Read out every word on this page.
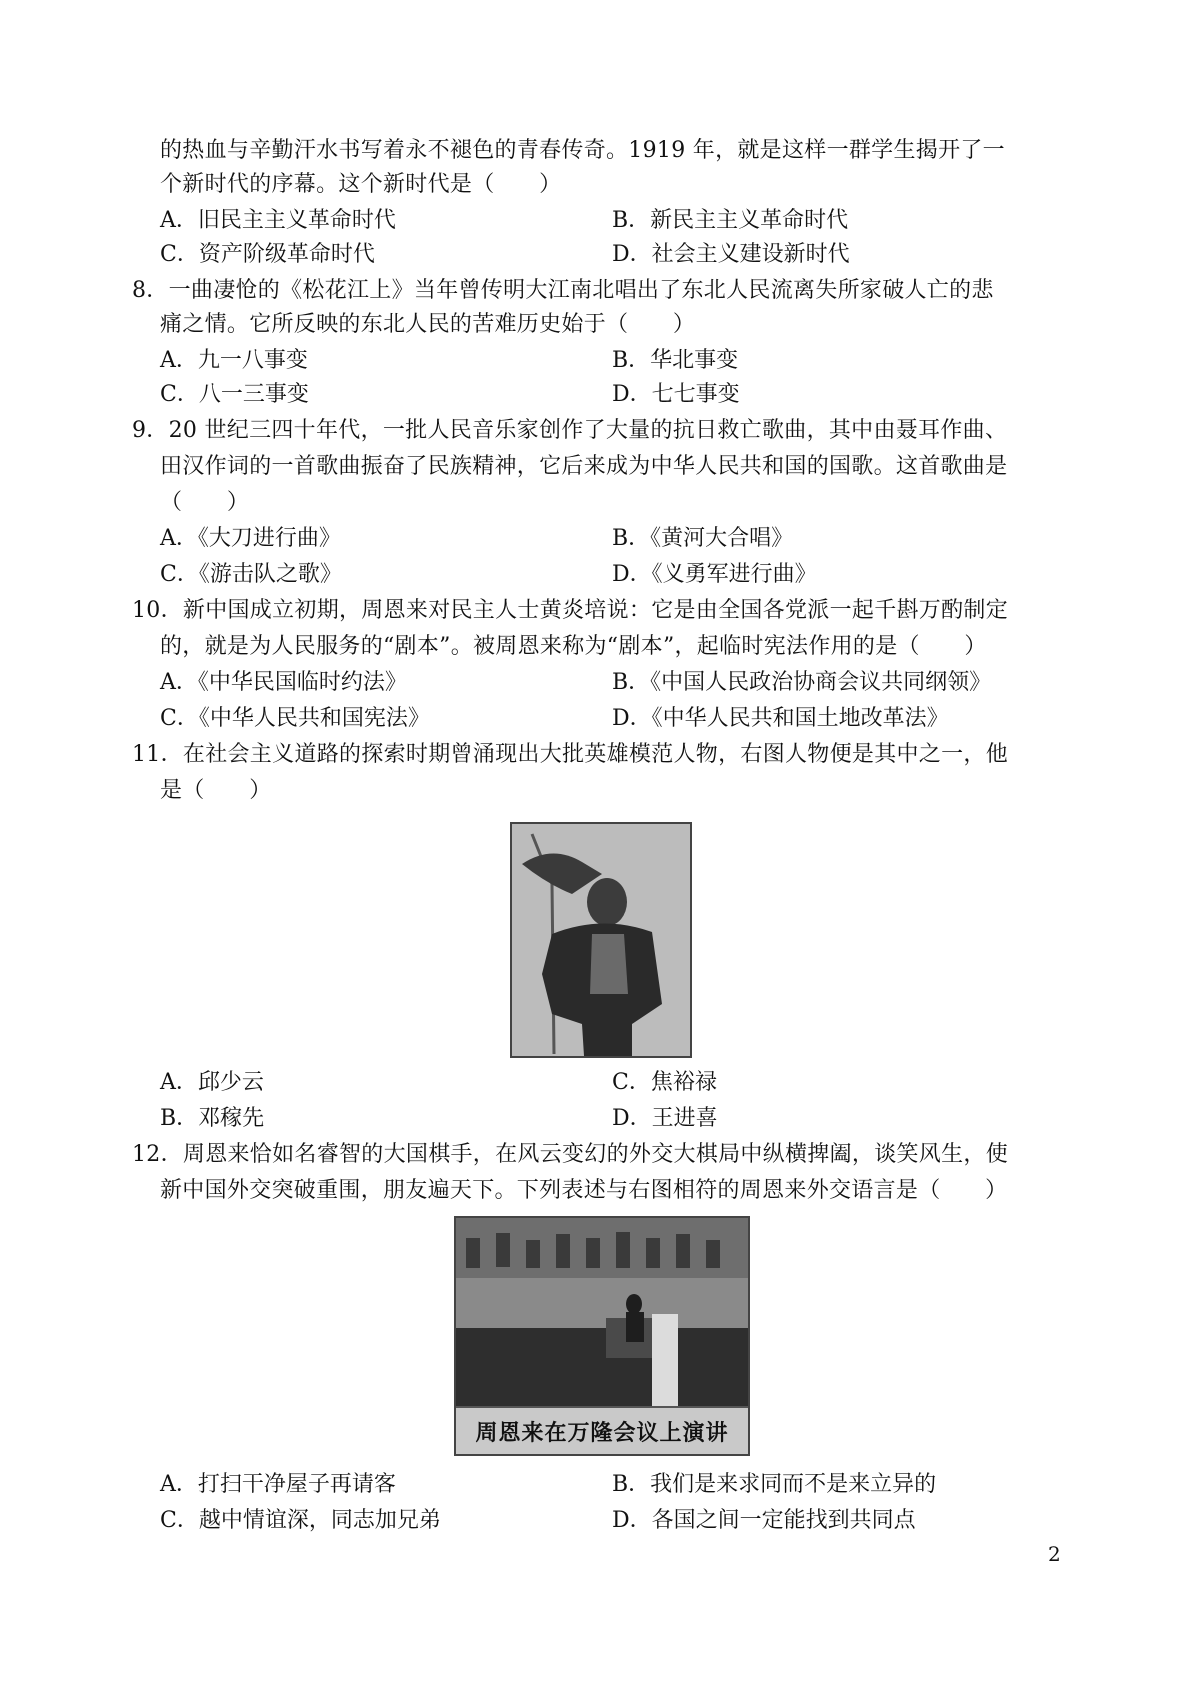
的热血与辛勤汗水书写着永不褪色的青春传奇。1919 年，就是这样一群学生揭开了一
个新时代的序幕。这个新时代是（　　）
A．旧民主主义革命时代	B．新民主主义革命时代
C．资产阶级革命时代	D．社会主义建设新时代
8．一曲凄怆的《松花江上》当年曾传明大江南北唱出了东北人民流离失所家破人亡的悲
痛之情。它所反映的东北人民的苦难历史始于（　　）
A．九一八事变	B．华北事变
C．八一三事变	D．七七事变
9．20 世纪三四十年代，一批人民音乐家创作了大量的抗日救亡歌曲，其中由聂耳作曲、
田汉作词的一首歌曲振奋了民族精神，它后来成为中华人民共和国的国歌。这首歌曲是
（　　）
A．《大刀进行曲》	B．《黄河大合唱》
C．《游击队之歌》	D．《义勇军进行曲》
10．新中国成立初期，周恩来对民主人士黄炎培说：它是由全国各党派一起千斟万酌制定
的，就是为人民服务的“剧本”。被周恩来称为“剧本”，起临时宪法作用的是（　　）
A．《中华民国临时约法》	B．《中国人民政治协商会议共同纲领》
C．《中华人民共和国宪法》	D．《中华人民共和国土地改革法》
11．在社会主义道路的探索时期曾涌现出大批英雄模范人物，右图人物便是其中之一，他
是（　　）
A．邱少云	C．焦裕禄
B．邓稼先	D．王进喜
12．周恩来恰如名睿智的大国棋手，在风云变幻的外交大棋局中纵横捭阖，谈笑风生，使
新中国外交突破重围，朋友遍天下。下列表述与右图相符的周恩来外交语言是（　　）
周恩来在万隆会议上演讲
A．打扫干净屋子再请客	B．我们是来求同而不是来立异的
C．越中情谊深，同志加兄弟	D．各国之间一定能找到共同点
2
